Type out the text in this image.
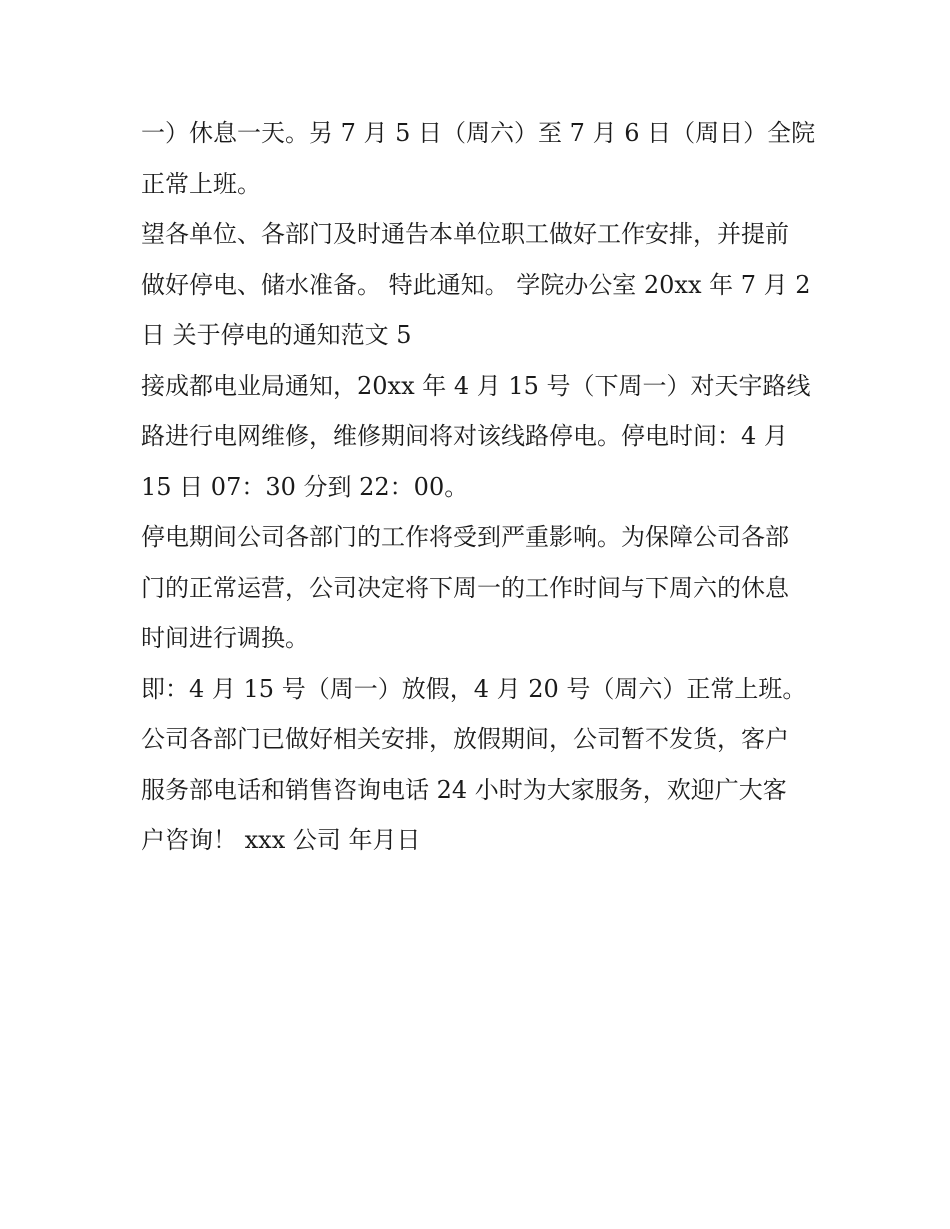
一）休息一天。另 7 月 5 日（周六）至 7 月 6 日（周日）全院
正常上班。
望各单位、各部门及时通告本单位职工做好工作安排，并提前
做好停电、储水准备。 特此通知。 学院办公室 20xx 年 7 月 2
日 关于停电的通知范文 5
接成都电业局通知，20xx 年 4 月 15 号（下周一）对天宇路线
路进行电网维修，维修期间将对该线路停电。停电时间：4 月
15 日 07：30 分到 22：00。
停电期间公司各部门的工作将受到严重影响。为保障公司各部
门的正常运营，公司决定将下周一的工作时间与下周六的休息
时间进行调换。
即：4 月 15 号（周一）放假，4 月 20 号（周六）正常上班。
公司各部门已做好相关安排，放假期间，公司暂不发货，客户
服务部电话和销售咨询电话 24 小时为大家服务，欢迎广大客
户咨询！ xxx 公司 年月日
